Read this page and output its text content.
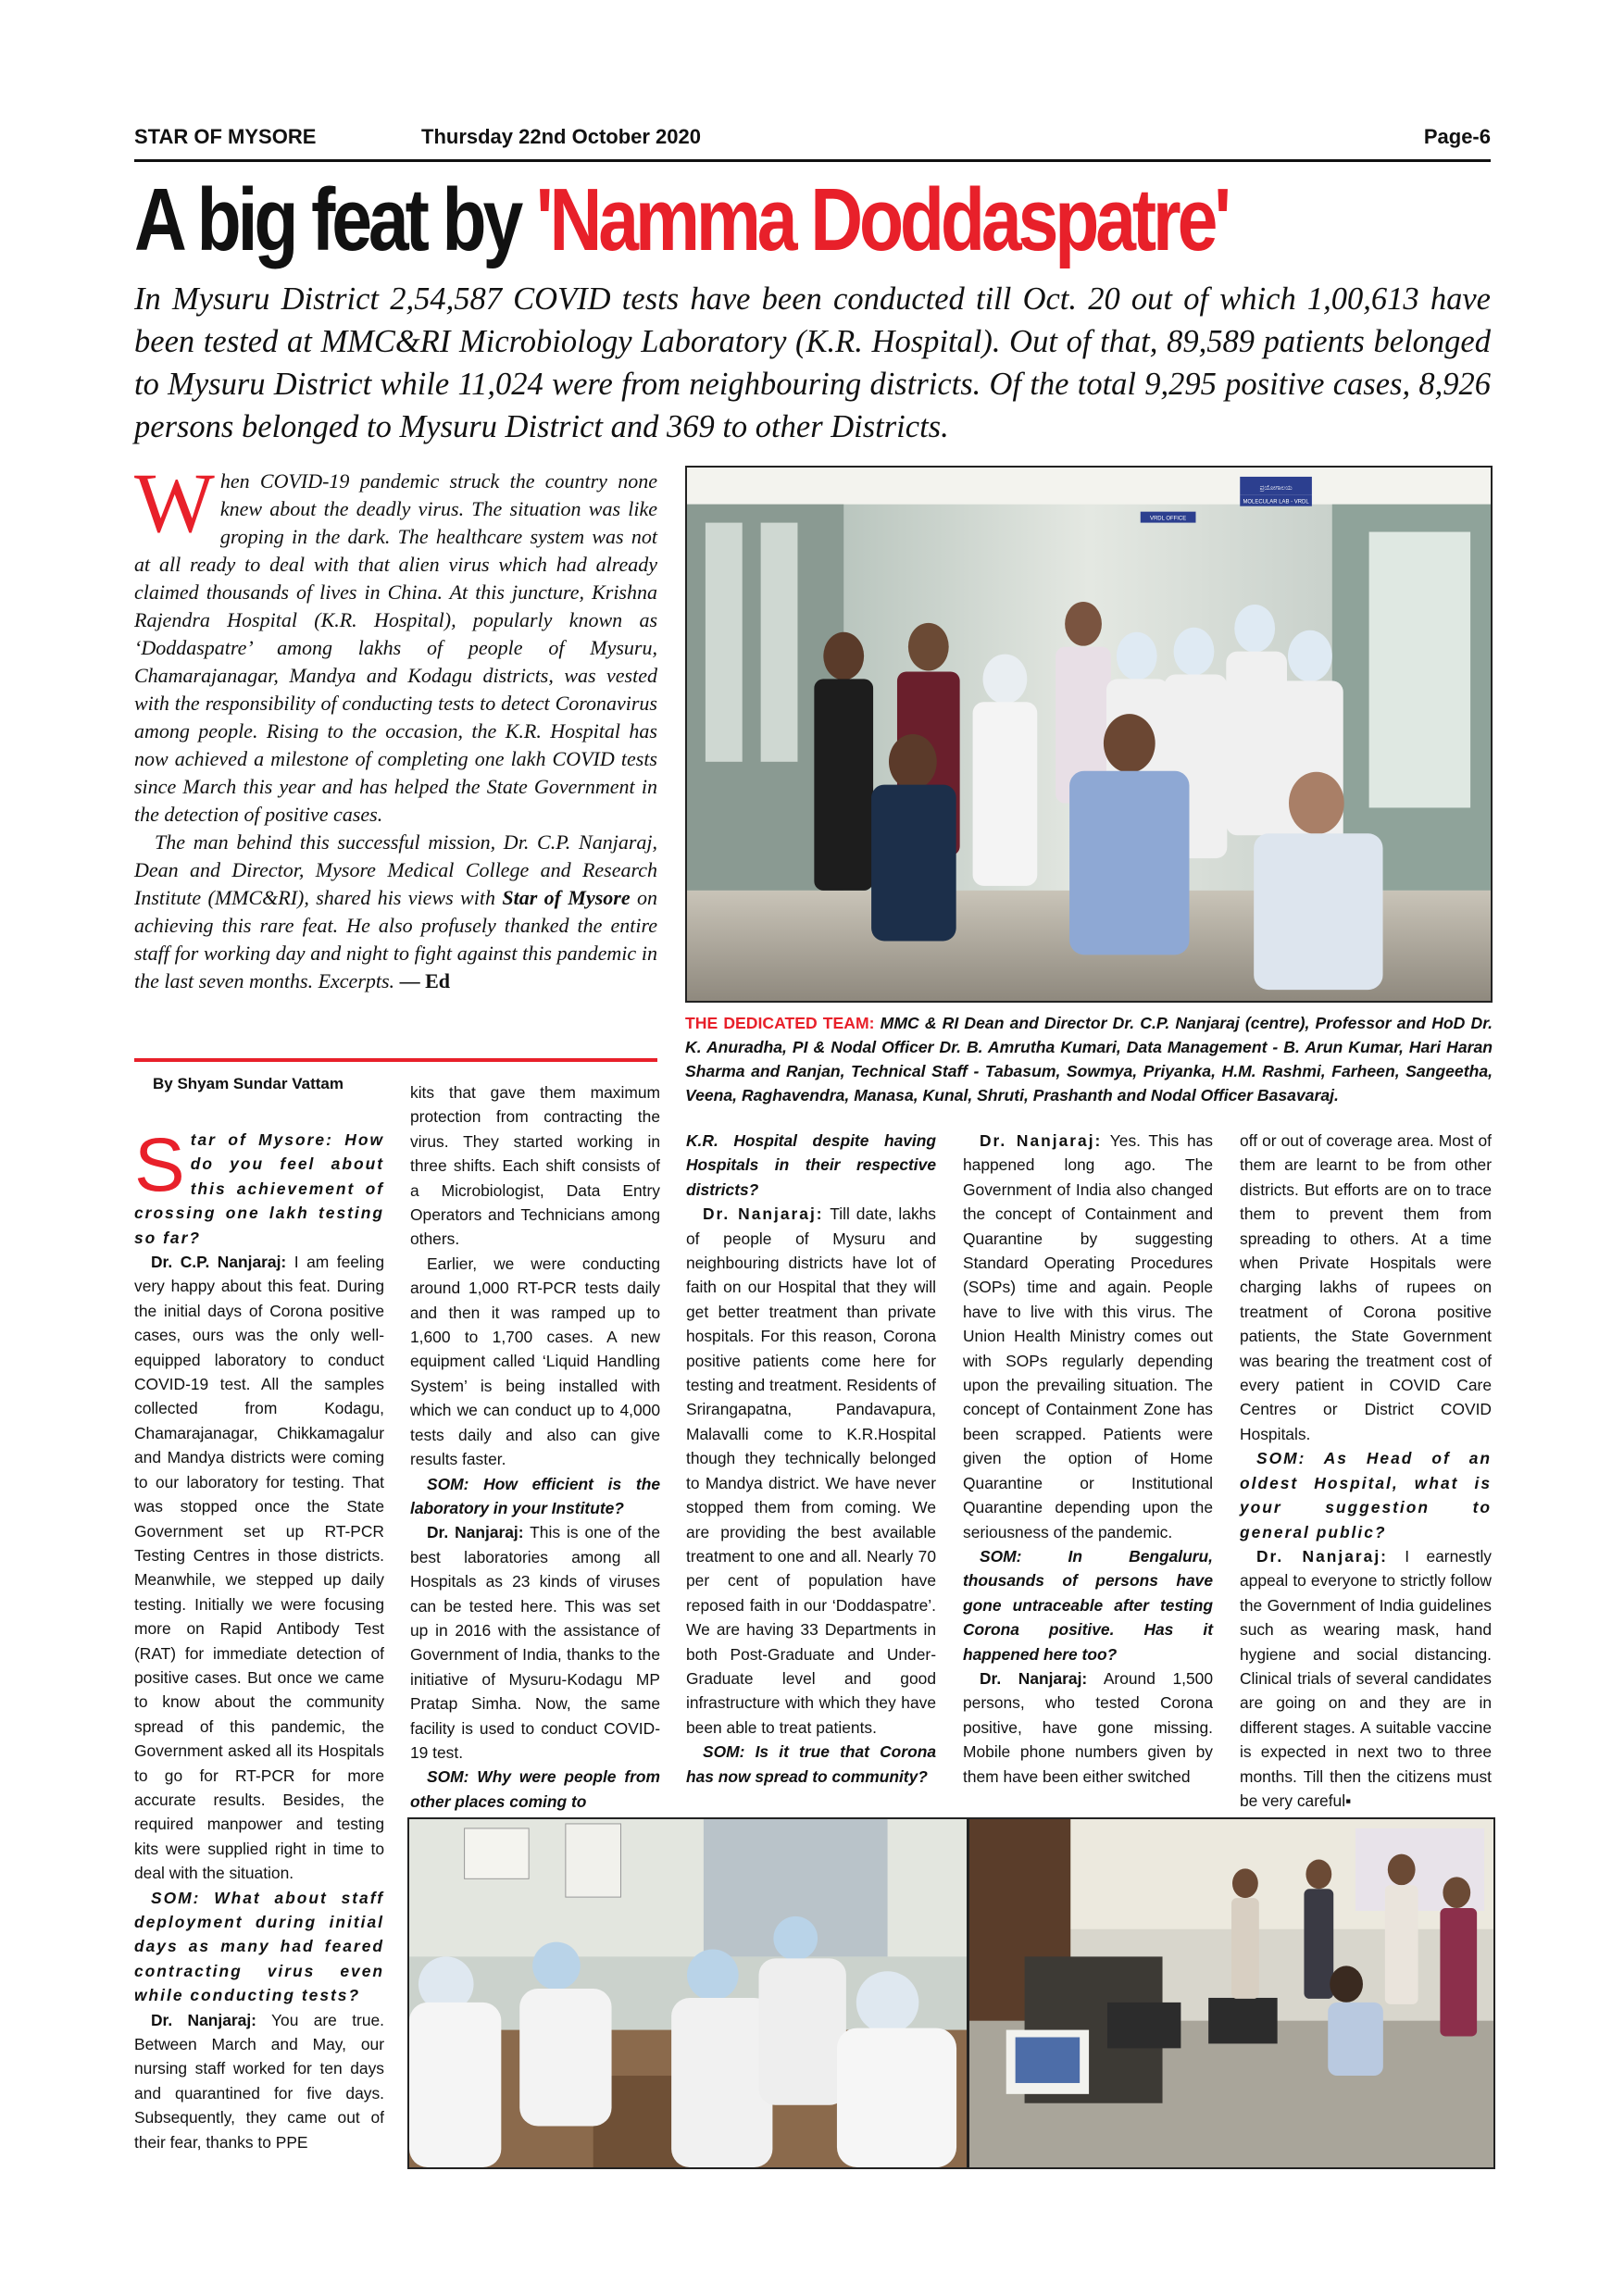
STAR OF MYSORE	Thursday 22nd October 2020	Page-6
A big feat by 'Namma Doddaspatre'
In Mysuru District 2,54,587 COVID tests have been conducted till Oct. 20 out of which 1,00,613 have been tested at MMC&RI Microbiology Laboratory (K.R. Hospital). Out of that, 89,589 patients belonged to Mysuru District while 11,024 were from neighbouring districts. Of the total 9,295 positive cases, 8,926 persons belonged to Mysuru District and 369 to other Districts.

When COVID-19 pandemic struck the country none knew about the deadly virus. The situation was like groping in the dark. The healthcare system was not at all ready to deal with that alien virus which had already claimed thousands of lives in China. At this juncture, Krishna Rajendra Hospital (K.R. Hospital), popularly known as ‘Doddaspatre’ among lakhs of people of Mysuru, Chamarajanagar, Mandya and Kodagu districts, was vested with the responsibility of conducting tests to detect Coronavirus among people. Rising to the occasion, the K.R. Hospital has now achieved a milestone of completing one lakh COVID tests since March this year and has helped the State Government in the detection of positive cases.

The man behind this successful mission, Dr. C.P. Nanjaraj, Dean and Director, Mysore Medical College and Research Institute (MMC&RI), shared his views with Star of Mysore on achieving this rare feat. He also profusely thanked the entire staff for working day and night to fight against this pandemic in the last seven months. Excerpts. — Ed

ಪ್ರಯೋಗಾಲಯ
MOLECULAR LAB - VRDL
VRDL OFFICE
THE DEDICATED TEAM: MMC & RI Dean and Director Dr. C.P. Nanjaraj (centre), Professor and HoD Dr. K. Anuradha, PI & Nodal Officer Dr. B. Amrutha Kumari, Data Management - B. Arun Kumar, Hari Haran Sharma and Ranjan, Technical Staff - Tabasum, Sowmya, Priyanka, H.M. Rashmi, Farheen, Sangeetha, Veena, Raghavendra, Manasa, Kunal, Shruti, Prashanth and Nodal Officer Basavaraj.
By Shyam Sundar Vattam

Star of Mysore: How do you feel about this achievement of crossing one lakh testing so far?

Dr. C.P. Nanjaraj: I am feeling very happy about this feat. During the initial days of Corona positive cases, ours was the only well-equipped laboratory to conduct COVID-19 test. All the samples collected from Kodagu, Chamarajanagar, Chikkamagalur and Mandya districts were coming to our laboratory for testing. That was stopped once the State Government set up RT-PCR Testing Centres in those districts. Meanwhile, we stepped up daily testing. Initially we were focusing more on Rapid Antibody Test (RAT) for immediate detection of positive cases. But once we came to know about the community spread of this pandemic, the Government asked all its Hospitals to go for RT-PCR for more accurate results. Besides, the required manpower and testing kits were supplied right in time to deal with the situation.

SOM: What about staff deployment during initial days as many had feared contracting virus even while conducting tests?

Dr. Nanjaraj: You are true. Between March and May, our nursing staff worked for ten days and quarantined for five days. Subsequently, they came out of their fear, thanks to PPE

kits that gave them maximum protection from contracting the virus. They started working in three shifts. Each shift consists of a Microbiologist, Data Entry Operators and Technicians among others.

Earlier, we were conducting around 1,000 RT-PCR tests daily and then it was ramped up to 1,600 to 1,700 cases. A new equipment called ‘Liquid Handling System’ is being installed with which we can conduct up to 4,000 tests daily and also can give results faster.

SOM: How efficient is the laboratory in your Institute?

Dr. Nanjaraj: This is one of the best laboratories among all Hospitals as 23 kinds of viruses can be tested here. This was set up in 2016 with the assistance of Government of India, thanks to the initiative of Mysuru-Kodagu MP Pratap Simha. Now, the same facility is used to conduct COVID-19 test.

SOM: Why were people from other places coming to

K.R. Hospital despite having Hospitals in their respective districts?

Dr. Nanjaraj: Till date, lakhs of people of Mysuru and neighbouring districts have lot of faith on our Hospital that they will get better treatment than private hospitals. For this reason, Corona positive patients come here for testing and treatment. Residents of Srirangapatna, Pandavapura, Malavalli come to K.R.Hospital though they technically belonged to Mandya district. We have never stopped them from coming. We are providing the best available treatment to one and all. Nearly 70 per cent of population have reposed faith in our ‘Doddaspatre’. We are having 33 Departments in both Post-Graduate and Under-Graduate level and good infrastructure with which they have been able to treat patients.

SOM: Is it true that Corona has now spread to community?

Dr. Nanjaraj: Yes. This has happened long ago. The Government of India also changed the concept of Containment and Quarantine by suggesting Standard Operating Procedures (SOPs) time and again. People have to live with this virus. The Union Health Ministry comes out with SOPs regularly depending upon the prevailing situation. The concept of Containment Zone has been scrapped. Patients were given the option of Home Quarantine or Institutional Quarantine depending upon the seriousness of the pandemic.

SOM: In Bengaluru, thousands of persons have gone untraceable after testing Corona positive. Has it happened here too?

Dr. Nanjaraj: Around 1,500 persons, who tested Corona positive, have gone missing. Mobile phone numbers given by them have been either switched

off or out of coverage area. Most of them are learnt to be from other districts. But efforts are on to trace them to prevent them from spreading to others. At a time when Private Hospitals were charging lakhs of rupees on treatment of Corona positive patients, the State Government was bearing the treatment cost of every patient in COVID Care Centres or District COVID Hospitals.

SOM: As Head of an oldest Hospital, what is your suggestion to general public?

Dr. Nanjaraj: I earnestly appeal to everyone to strictly follow the Government of India guidelines such as wearing mask, hand hygiene and social distancing. Clinical trials of several candidates are going on and they are in different stages. A suitable vaccine is expected in next two to three months. Till then the citizens must be very careful▪
